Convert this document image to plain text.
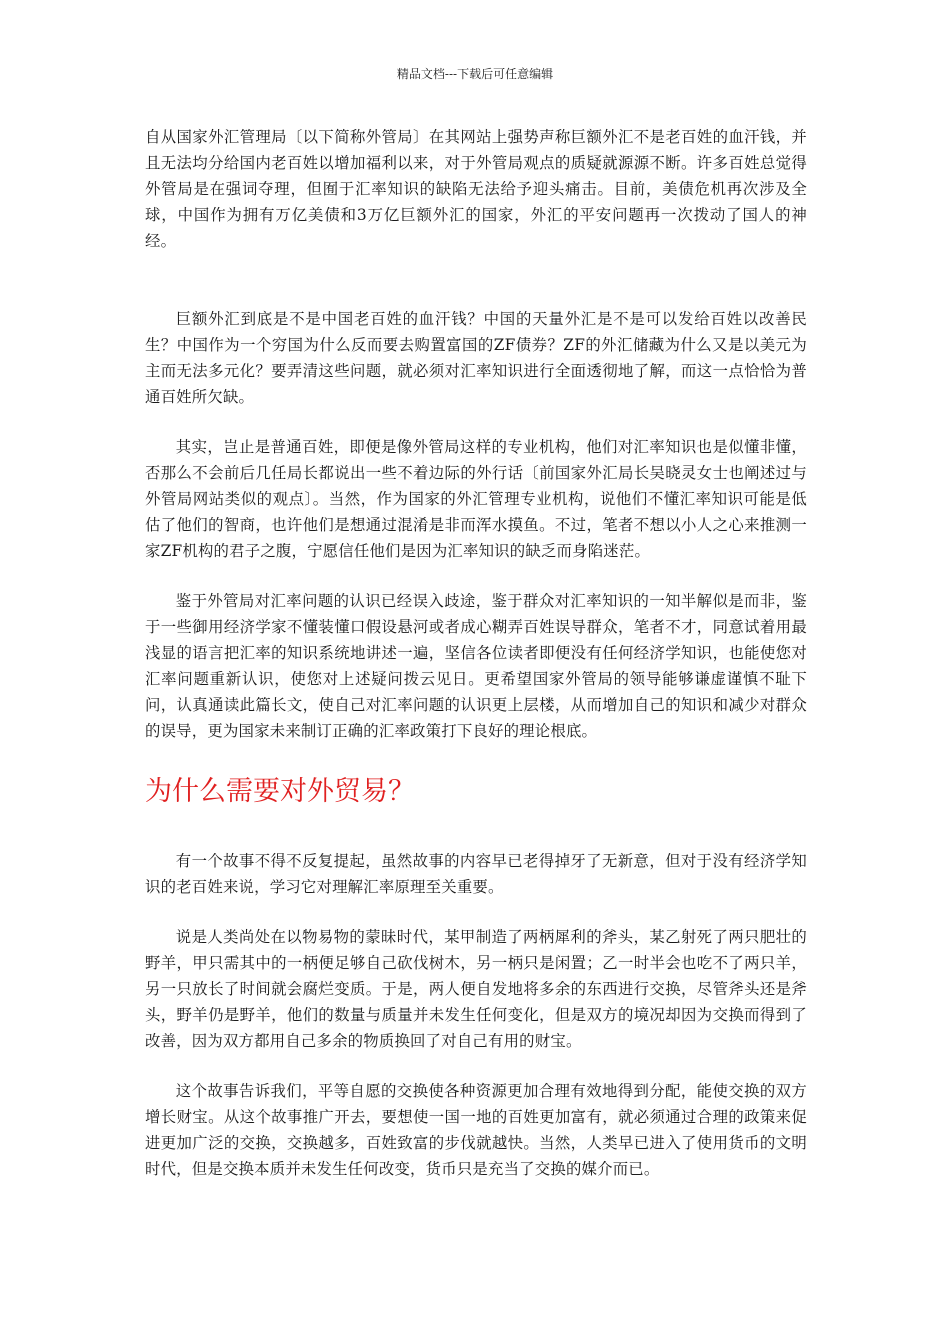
精品文档---下载后可任意编辑

自从国家外汇管理局〔以下简称外管局〕在其网站上强势声称巨额外汇不是老百姓的血汗钱，并且无法均分给国内老百姓以增加福利以来，对于外管局观点的质疑就源源不断。许多百姓总觉得外管局是在强词夺理，但囿于汇率知识的缺陷无法给予迎头痛击。目前，美债危机再次涉及全球，中国作为拥有万亿美债和3万亿巨额外汇的国家，外汇的平安问题再一次拨动了国人的神经。

巨额外汇到底是不是中国老百姓的血汗钱？中国的天量外汇是不是可以发给百姓以改善民生？中国作为一个穷国为什么反而要去购置富国的ZF债券？ZF的外汇储藏为什么又是以美元为主而无法多元化？要弄清这些问题，就必须对汇率知识进行全面透彻地了解，而这一点恰恰为普通百姓所欠缺。

其实，岂止是普通百姓，即便是像外管局这样的专业机构，他们对汇率知识也是似懂非懂，否那么不会前后几任局长都说出一些不着边际的外行话〔前国家外汇局长吴晓灵女士也阐述过与外管局网站类似的观点〕。当然，作为国家的外汇管理专业机构，说他们不懂汇率知识可能是低估了他们的智商，也许他们是想通过混淆是非而浑水摸鱼。不过，笔者不想以小人之心来推测一家ZF机构的君子之腹，宁愿信任他们是因为汇率知识的缺乏而身陷迷茫。

鉴于外管局对汇率问题的认识已经误入歧途，鉴于群众对汇率知识的一知半解似是而非，鉴于一些御用经济学家不懂装懂口假设悬河或者成心糊弄百姓误导群众，笔者不才，同意试着用最浅显的语言把汇率的知识系统地讲述一遍，坚信各位读者即便没有任何经济学知识，也能使您对汇率问题重新认识，使您对上述疑问拨云见日。更希望国家外管局的领导能够谦虚谨慎不耻下问，认真通读此篇长文，使自己对汇率问题的认识更上层楼，从而增加自己的知识和减少对群众的误导，更为国家未来制订正确的汇率政策打下良好的理论根底。

为什么需要对外贸易？

有一个故事不得不反复提起，虽然故事的内容早已老得掉牙了无新意，但对于没有经济学知识的老百姓来说，学习它对理解汇率原理至关重要。

说是人类尚处在以物易物的蒙昧时代，某甲制造了两柄犀利的斧头，某乙射死了两只肥壮的野羊，甲只需其中的一柄便足够自己砍伐树木，另一柄只是闲置；乙一时半会也吃不了两只羊，另一只放长了时间就会腐烂变质。于是，两人便自发地将多余的东西进行交换，尽管斧头还是斧头，野羊仍是野羊，他们的数量与质量并未发生任何变化，但是双方的境况却因为交换而得到了改善，因为双方都用自己多余的物质换回了对自己有用的财宝。

这个故事告诉我们，平等自愿的交换使各种资源更加合理有效地得到分配，能使交换的双方增长财宝。从这个故事推广开去，要想使一国一地的百姓更加富有，就必须通过合理的政策来促进更加广泛的交换，交换越多，百姓致富的步伐就越快。当然，人类早已进入了使用货币的文明时代，但是交换本质并未发生任何改变，货币只是充当了交换的媒介而已。
